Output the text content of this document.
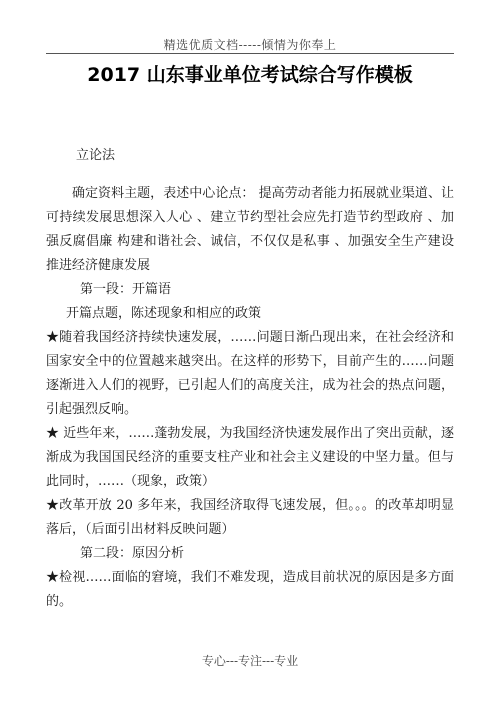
精选优质文档-----倾情为你奉上
2017 山东事业单位考试综合写作模板

立论法

确定资料主题，表述中心论点： 提高劳动者能力拓展就业渠道、让可持续发展思想深入人心 、建立节约型社会应先打造节约型政府 、加强反腐倡廉 构建和谐社会、诚信，不仅仅是私事 、加强安全生产建设 推进经济健康发展

第一段：开篇语

开篇点题，陈述现象和相应的政策

★随着我国经济持续快速发展，……问题日渐凸现出来，在社会经济和国家安全中的位置越来越突出。在这样的形势下，目前产生的……问题逐渐进入人们的视野，已引起人们的高度关注，成为社会的热点问题，引起强烈反响。

★ 近些年来，……蓬勃发展，为我国经济快速发展作出了突出贡献，逐渐成为我国国民经济的重要支柱产业和社会主义建设的中坚力量。但与此同时，……（现象，政策）

★改革开放 20 多年来，我国经济取得飞速发展，但。。。的改革却明显落后，（后面引出材料反映问题）

第二段：原因分析

★检视……面临的窘境，我们不难发现，造成目前状况的原因是多方面的。

专心---专注---专业
